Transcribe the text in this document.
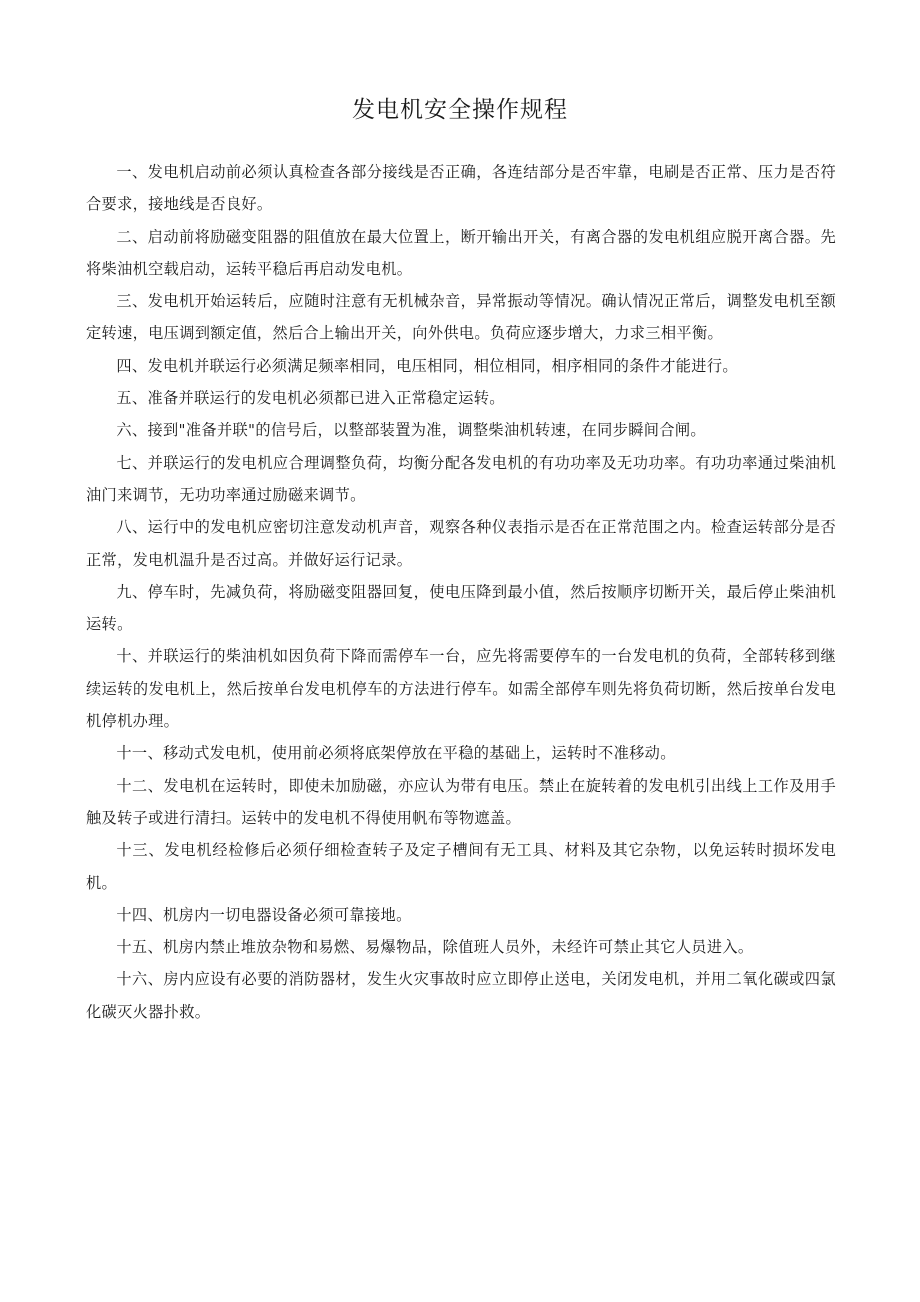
发电机安全操作规程

一、发电机启动前必须认真检查各部分接线是否正确，各连结部分是否牢靠，电刷是否正常、压力是否符合要求，接地线是否良好。

二、启动前将励磁变阻器的阻值放在最大位置上，断开输出开关，有离合器的发电机组应脱开离合器。先将柴油机空载启动，运转平稳后再启动发电机。

三、发电机开始运转后，应随时注意有无机械杂音，异常振动等情况。确认情况正常后，调整发电机至额定转速，电压调到额定值，然后合上输出开关，向外供电。负荷应逐步增大，力求三相平衡。

四、发电机并联运行必须满足频率相同，电压相同，相位相同，相序相同的条件才能进行。

五、准备并联运行的发电机必须都已进入正常稳定运转。

六、接到"准备并联"的信号后，以整部装置为准，调整柴油机转速，在同步瞬间合闸。

七、并联运行的发电机应合理调整负荷，均衡分配各发电机的有功功率及无功功率。有功功率通过柴油机油门来调节，无功功率通过励磁来调节。

八、运行中的发电机应密切注意发动机声音，观察各种仪表指示是否在正常范围之内。检查运转部分是否正常，发电机温升是否过高。并做好运行记录。

九、停车时，先减负荷，将励磁变阻器回复，使电压降到最小值，然后按顺序切断开关，最后停止柴油机运转。

十、并联运行的柴油机如因负荷下降而需停车一台，应先将需要停车的一台发电机的负荷，全部转移到继续运转的发电机上，然后按单台发电机停车的方法进行停车。如需全部停车则先将负荷切断，然后按单台发电机停机办理。

十一、移动式发电机，使用前必须将底架停放在平稳的基础上，运转时不准移动。

十二、发电机在运转时，即使未加励磁，亦应认为带有电压。禁止在旋转着的发电机引出线上工作及用手触及转子或进行清扫。运转中的发电机不得使用帆布等物遮盖。

十三、发电机经检修后必须仔细检查转子及定子槽间有无工具、材料及其它杂物，以免运转时损坏发电机。

十四、机房内一切电器设备必须可靠接地。

十五、机房内禁止堆放杂物和易燃、易爆物品，除值班人员外，未经许可禁止其它人员进入。

十六、房内应设有必要的消防器材，发生火灾事故时应立即停止送电，关闭发电机，并用二氧化碳或四氯化碳灭火器扑救。
